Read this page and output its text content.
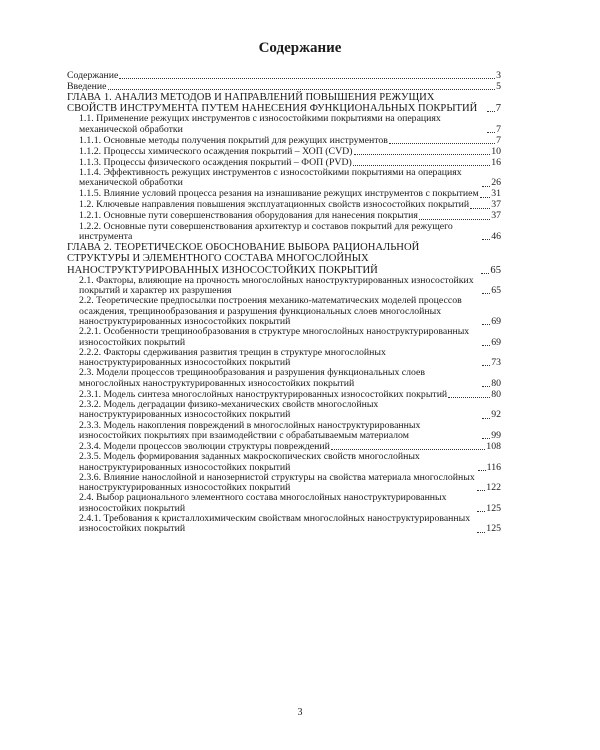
Содержание
Содержание	3
Введение	5
ГЛАВА 1. АНАЛИЗ МЕТОДОВ И НАПРАВЛЕНИЙ ПОВЫШЕНИЯ РЕЖУЩИХ СВОЙСТВ ИНСТРУМЕНТА ПУТЕМ НАНЕСЕНИЯ ФУНКЦИОНАЛЬНЫХ ПОКРЫТИЙ	7
1.1. Применение режущих инструментов с износостойкими покрытиями на операциях механической обработки	7
1.1.1. Основные методы получения покрытий для режущих инструментов	7
1.1.2. Процессы химического осаждения покрытий – ХОП (CVD)	10
1.1.3. Процессы физического осаждения покрытий – ФОП (PVD)	16
1.1.4. Эффективность режущих инструментов с износостойкими покрытиями на операциях механической обработки	26
1.1.5. Влияние условий процесса резания на изнашивание режущих инструментов с покрытием 31
1.2. Ключевые направления повышения эксплуатационных свойств износостойких покрытий 37
1.2.1. Основные пути совершенствования оборудования для нанесения покрытия	37
1.2.2. Основные пути совершенствования архитектур и составов покрытий для режущего инструмента	46
ГЛАВА 2. ТЕОРЕТИЧЕСКОЕ ОБОСНОВАНИЕ ВЫБОРА РАЦИОНАЛЬНОЙ СТРУКТУРЫ И ЭЛЕМЕНТНОГО СОСТАВА МНОГОСЛОЙНЫХ НАНОСТРУКТУРИРОВАННЫХ ИЗНОСОСТОЙКИХ ПОКРЫТИЙ	65
2.1. Факторы, влияющие на прочность многослойных наноструктурированных износостойких покрытий и характер их разрушения	65
2.2. Теоретические предпосылки построения механико-математических моделей процессов осаждения, трещинообразования и разрушения функциональных слоев многослойных наноструктурированных износостойких покрытий	69
2.2.1. Особенности трещинообразования в структуре многослойных наноструктурированных износостойких покрытий	69
2.2.2. Факторы сдерживания развития трещин в структуре многослойных наноструктурированных износостойких покрытий	73
2.3. Модели процессов трещинообразования и разрушения функциональных слоев многослойных наноструктурированных износостойких покрытий	80
2.3.1. Модель синтеза многослойных наноструктурированных износостойких покрытий	80
2.3.2. Модель деградации физико-механических свойств многослойных наноструктурированных износостойких покрытий	92
2.3.3. Модель накопления повреждений в многослойных наноструктурированных износостойких покрытиях при взаимодействии с обрабатываемым материалом	99
2.3.4. Модели процессов эволюции структуры повреждений	108
2.3.5. Модель формирования заданных макроскопических свойств многослойных наноструктурированных износостойких покрытий	116
2.3.6. Влияние нанослойной и нанозернистой структуры на свойства материала многослойных наноструктурированных износостойких покрытий	122
2.4. Выбор рационального элементного состава многослойных наноструктурированных износостойких покрытий	125
2.4.1. Требования к кристаллохимическим свойствам многослойных наноструктурированных износостойких покрытий	125
3
